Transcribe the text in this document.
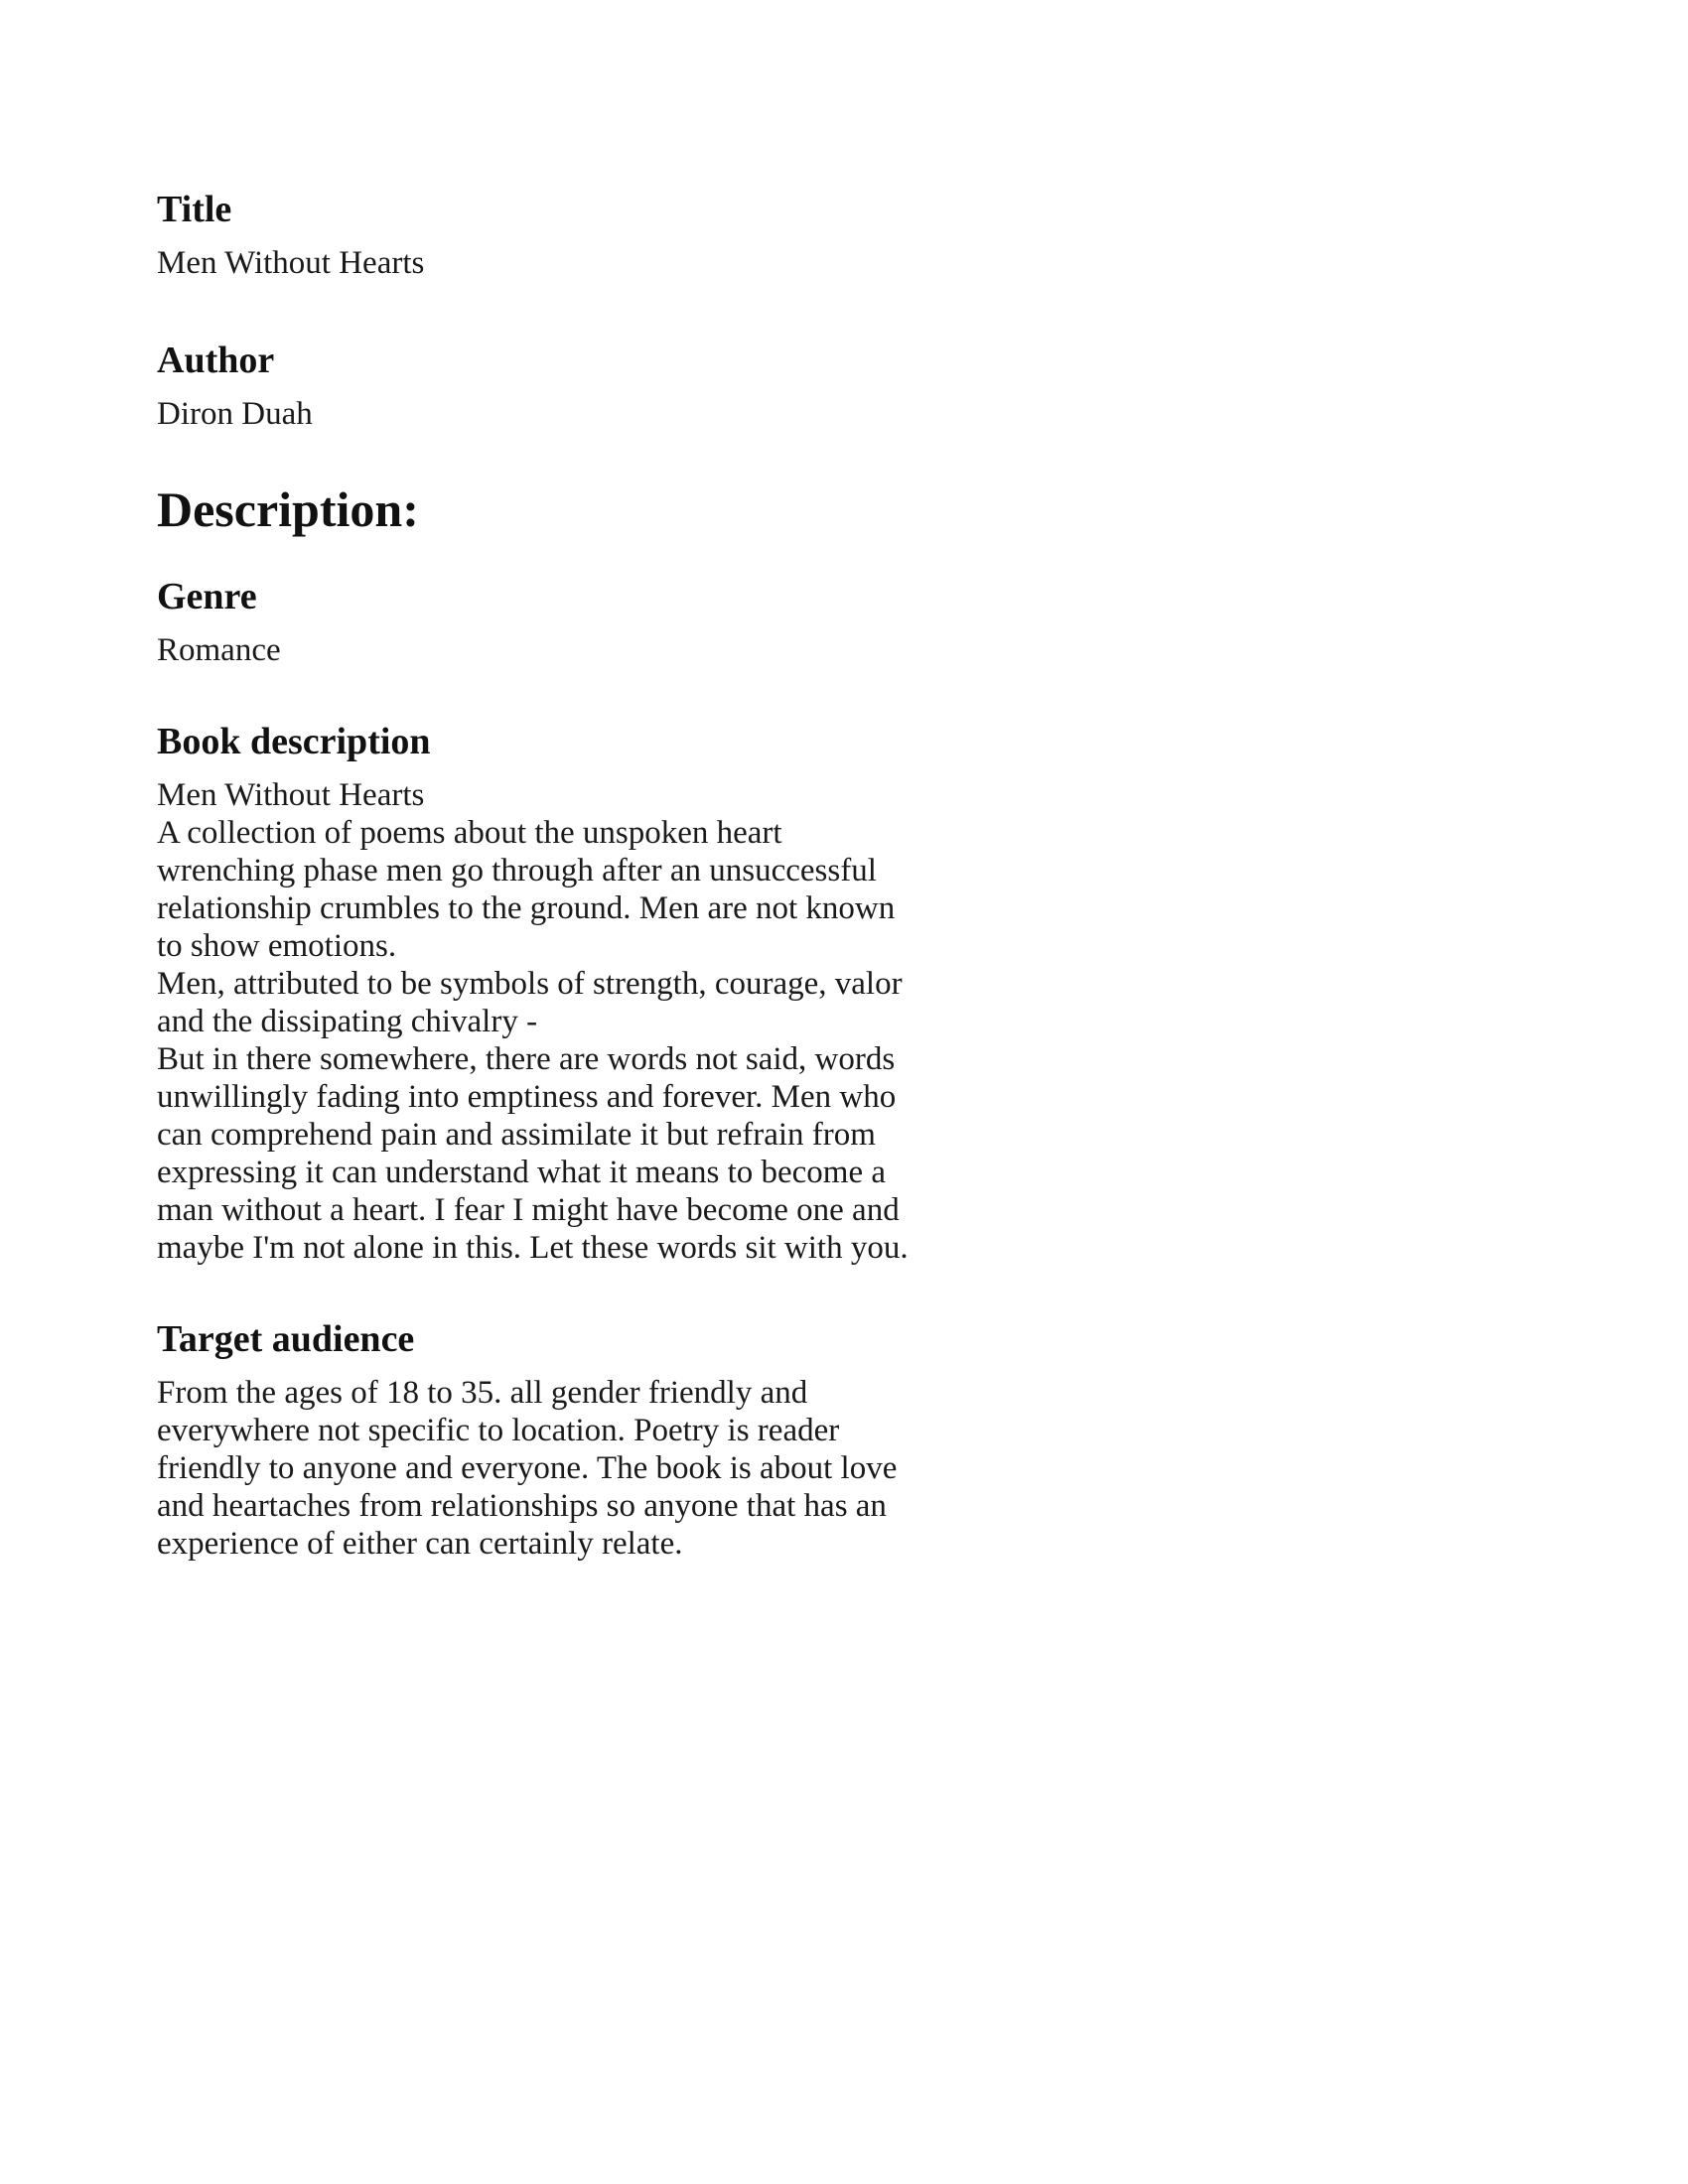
Title

Men Without Hearts

Author

Diron Duah

Description:
Genre

Romance

Book description
Men Without Hearts
A collection of poems about the unspoken heart
wrenching phase men go through after an unsuccessful
relationship crumbles to the ground. Men are not known
to show emotions.
Men, attributed to be symbols of strength, courage, valor
and the dissipating chivalry -
But in there somewhere, there are words not said, words
unwillingly fading into emptiness and forever. Men who
can comprehend pain and assimilate it but refrain from
expressing it can understand what it means to become a
man without a heart. I fear I might have become one and
maybe I'm not alone in this. Let these words sit with you.
Target audience
From the ages of 18 to 35. all gender friendly and
everywhere not specific to location. Poetry is reader
friendly to anyone and everyone. The book is about love
and heartaches from relationships so anyone that has an
experience of either can certainly relate.
